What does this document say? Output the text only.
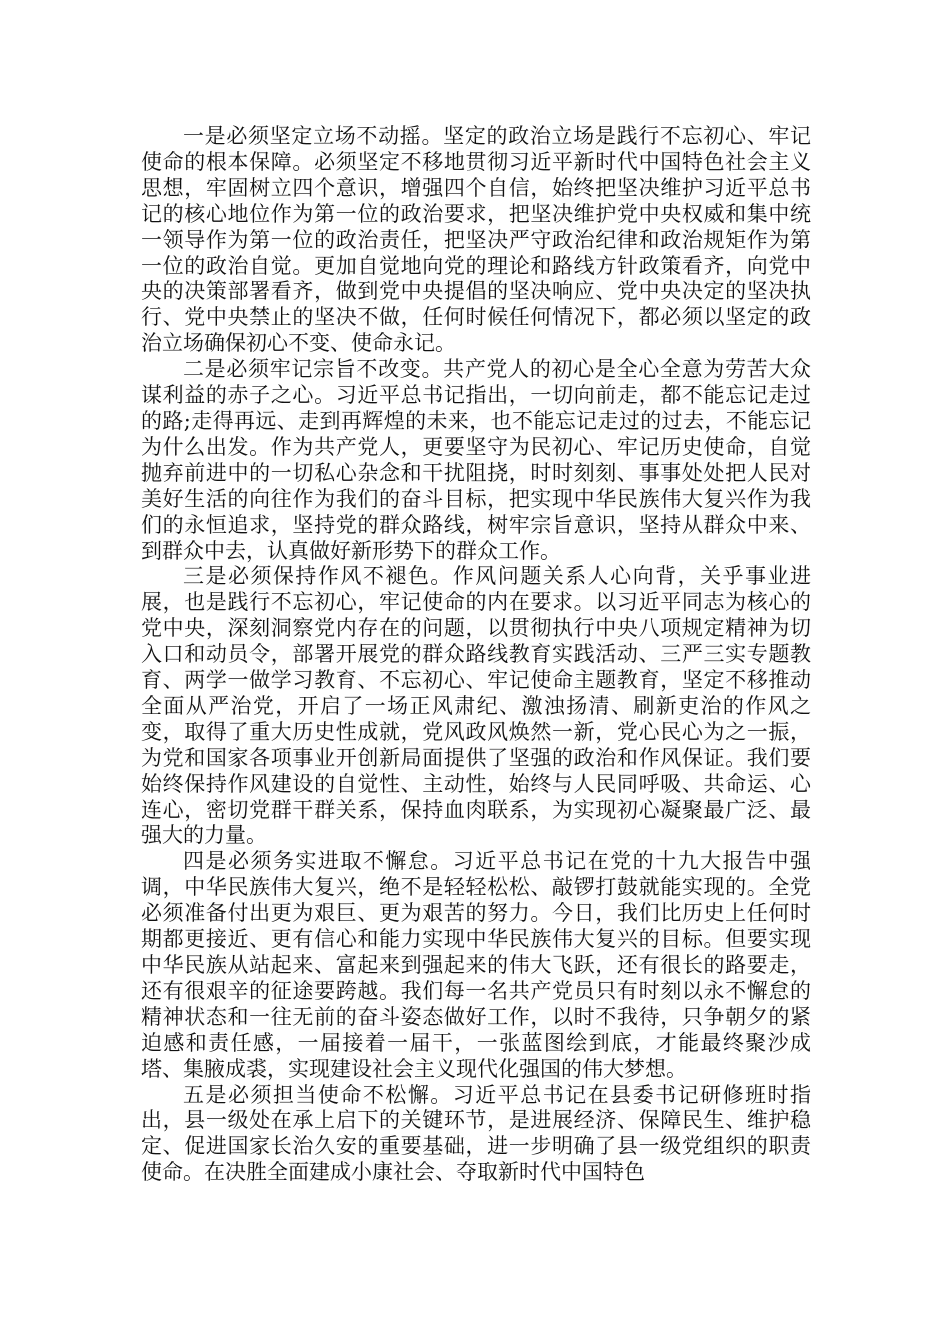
一是必须坚定立场不动摇。坚定的政治立场是践行不忘初心、牢记使命的根本保障。必须坚定不移地贯彻习近平新时代中国特色社会主义思想，牢固树立四个意识，增强四个自信，始终把坚决维护习近平总书记的核心地位作为第一位的政治要求，把坚决维护党中央权威和集中统一领导作为第一位的政治责任，把坚决严守政治纪律和政治规矩作为第一位的政治自觉。更加自觉地向党的理论和路线方针政策看齐，向党中央的决策部署看齐，做到党中央提倡的坚决响应、党中央决定的坚决执行、党中央禁止的坚决不做，任何时候任何情况下，都必须以坚定的政治立场确保初心不变、使命永记。

二是必须牢记宗旨不改变。共产党人的初心是全心全意为劳苦大众谋利益的赤子之心。习近平总书记指出，一切向前走，都不能忘记走过的路;走得再远、走到再辉煌的未来，也不能忘记走过的过去，不能忘记为什么出发。作为共产党人，更要坚守为民初心、牢记历史使命，自觉抛弃前进中的一切私心杂念和干扰阻挠，时时刻刻、事事处处把人民对美好生活的向往作为我们的奋斗目标，把实现中华民族伟大复兴作为我们的永恒追求，坚持党的群众路线，树牢宗旨意识，坚持从群众中来、到群众中去，认真做好新形势下的群众工作。

三是必须保持作风不褪色。作风问题关系人心向背，关乎事业进展，也是践行不忘初心，牢记使命的内在要求。以习近平同志为核心的党中央，深刻洞察党内存在的问题，以贯彻执行中央八项规定精神为切入口和动员令，部署开展党的群众路线教育实践活动、三严三实专题教育、两学一做学习教育、不忘初心、牢记使命主题教育，坚定不移推动全面从严治党，开启了一场正风肃纪、激浊扬清、刷新吏治的作风之变，取得了重大历史性成就，党风政风焕然一新，党心民心为之一振，为党和国家各项事业开创新局面提供了坚强的政治和作风保证。我们要始终保持作风建设的自觉性、主动性，始终与人民同呼吸、共命运、心连心，密切党群干群关系，保持血肉联系，为实现初心凝聚最广泛、最强大的力量。

四是必须务实进取不懈怠。习近平总书记在党的十九大报告中强调，中华民族伟大复兴，绝不是轻轻松松、敲锣打鼓就能实现的。全党必须准备付出更为艰巨、更为艰苦的努力。今日，我们比历史上任何时期都更接近、更有信心和能力实现中华民族伟大复兴的目标。但要实现中华民族从站起来、富起来到强起来的伟大飞跃，还有很长的路要走，还有很艰辛的征途要跨越。我们每一名共产党员只有时刻以永不懈怠的精神状态和一往无前的奋斗姿态做好工作，以时不我待，只争朝夕的紧迫感和责任感，一届接着一届干，一张蓝图绘到底，才能最终聚沙成塔、集腋成裘，实现建设社会主义现代化强国的伟大梦想。

五是必须担当使命不松懈。习近平总书记在县委书记研修班时指出，县一级处在承上启下的关键环节，是进展经济、保障民生、维护稳定、促进国家长治久安的重要基础，进一步明确了县一级党组织的职责使命。在决胜全面建成小康社会、夺取新时代中国特色
